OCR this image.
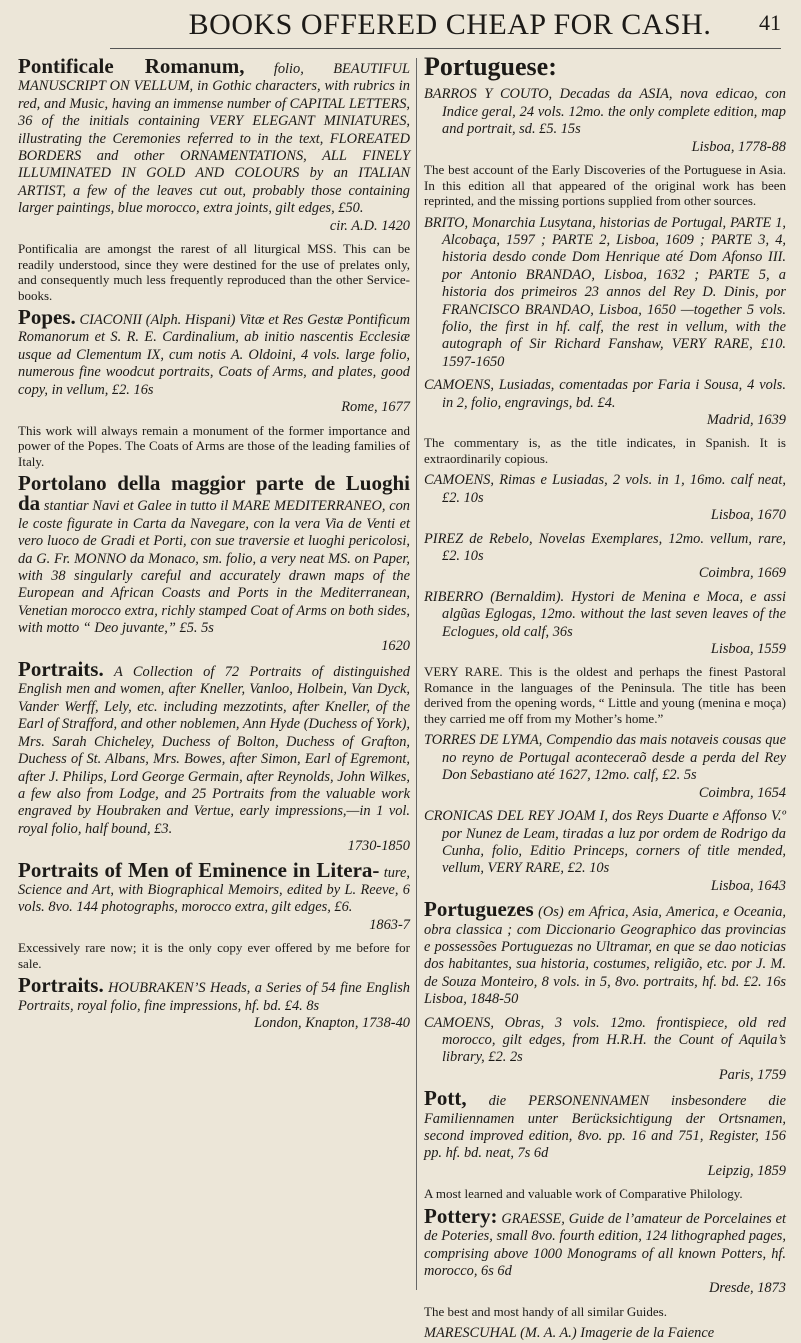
BOOKS OFFERED CHEAP FOR CASH.	41
Pontificale Romanum, folio, BEAUTIFUL MANUSCRIPT ON VELLUM, in Gothic characters, with rubrics in red, and Music, having an immense number of CAPITAL LETTERS, 36 of the initials containing VERY ELEGANT MINIATURES, illustrating the Ceremonies referred to in the text, FLOREATED BORDERS and other ORNAMENTATIONS, ALL FINELY ILLUMINATED IN GOLD AND COLOURS by an ITALIAN ARTIST, a few of the leaves cut out, probably those containing larger paintings, blue morocco, extra joints, gilt edges, £50.
cir. A.D. 1420
Pontificalia are amongst the rarest of all liturgical MSS. This can be readily understood, since they were destined for the use of prelates only, and consequently much less frequently reproduced than the other Service-books.
Popes. CIACONII (Alph. Hispani) Vitæ et Res Gestæ Pontificum Romanorum et S. R. E. Cardinalium, ab initio nascentis Ecclesiæ usque ad Clementum IX, cum notis A. Oldoini, 4 vols. large folio, numerous fine woodcut portraits, Coats of Arms, and plates, good copy, in vellum, £2. 16s
Rome, 1677
This work will always remain a monument of the former importance and power of the Popes. The Coats of Arms are those of the leading families of Italy.
Portolano della maggior parte de Luoghi da stantiar Navi et Galee in tutto il MARE MEDITERRANEO, con le coste figurate in Carta da Navegare, con la vera Via de Venti et vero luoco de Gradi et Porti, con sue traversie et luoghi pericolosi, da G. Fr. MONNO da Monaco, sm. folio, a very neat MS. on Paper, with 38 singularly careful and accurately drawn maps of the European and African Coasts and Ports in the Mediterranean, Venetian morocco extra, richly stamped Coat of Arms on both sides, with motto “ Deo juvante,” £5. 5s
1620
Portraits. A Collection of 72 Portraits of distinguished English men and women, after Kneller, Vanloo, Holbein, Van Dyck, Vander Werff, Lely, etc. including mezzotints, after Kneller, of the Earl of Strafford, and other noblemen, Ann Hyde (Duchess of York), Mrs. Sarah Chicheley, Duchess of Bolton, Duchess of Grafton, Duchess of St. Albans, Mrs. Bowes, after Simon, Earl of Egremont, after J. Philips, Lord George Germain, after Reynolds, John Wilkes, a few also from Lodge, and 25 Portraits from the valuable work engraved by Houbraken and Vertue, early impressions,—in 1 vol. royal folio, half bound, £3.
1730-1850
Portraits of Men of Eminence in Litera- ture, Science and Art, with Biographical Memoirs, edited by L. Reeve, 6 vols. 8vo. 144 photographs, morocco extra, gilt edges, £6.
1863-7
Excessively rare now; it is the only copy ever offered by me before for sale.
Portraits. HOUBRAKEN’S Heads, a Series of 54 fine English Portraits, royal folio, fine impressions, hf. bd. £4. 8s
London, Knapton, 1738-40
Portuguese:
BARROS Y COUTO, Decadas da ASIA, nova edicao, con Indice geral, 24 vols. 12mo. the only complete edition, map and portrait, sd. £5. 15s
Lisboa, 1778-88
The best account of the Early Discoveries of the Portuguese in Asia. In this edition all that appeared of the original work has been reprinted, and the missing portions supplied from other sources.
BRITO, Monarchia Lusytana, historias de Portugal, PARTE 1, Alcobaça, 1597 ; PARTE 2, Lisboa, 1609 ; PARTE 3, 4, historia desdo conde Dom Henrique até Dom Afonso III. por Antonio BRANDAO, Lisboa, 1632 ; PARTE 5, a historia dos primeiros 23 annos del Rey D. Dinis, por FRANCISCO BRANDAO, Lisboa, 1650 —together 5 vols. folio, the first in hf. calf, the rest in vellum, with the autograph of Sir Richard Fanshaw, VERY RARE, £10. 1597-1650
CAMOENS, Lusiadas, comentadas por Faria i Sousa, 4 vols. in 2, folio, engravings, bd. £4.
Madrid, 1639
The commentary is, as the title indicates, in Spanish. It is extraordinarily copious.
CAMOENS, Rimas e Lusiadas, 2 vols. in 1, 16mo. calf neat, £2. 10s
Lisboa, 1670
PIREZ de Rebelo, Novelas Exemplares, 12mo. vellum, rare, £2. 10s
Coimbra, 1669
RIBERRO (Bernaldim). Hystori de Menina e Moca, e assi algũas Eglogas, 12mo. without the last seven leaves of the Eclogues, old calf, 36s
Lisboa, 1559
VERY RARE. This is the oldest and perhaps the finest Pastoral Romance in the languages of the Peninsula. The title has been derived from the opening words, “ Little and young (menina e moça) they carried me off from my Mother’s home.”
TORRES DE LYMA, Compendio das mais notaveis cousas que no reyno de Portugal aconteceraõ desde a perda del Rey Don Sebastiano até 1627, 12mo. calf, £2. 5s
Coimbra, 1654
CRONICAS DEL REY JOAM I, dos Reys Duarte e Affonso V.º por Nunez de Leam, tiradas a luz por ordem de Rodrigo da Cunha, folio, Editio Princeps, corners of title mended, vellum, VERY RARE, £2. 10s
Lisboa, 1643
Portuguezes (Os) em Africa, Asia, America, e Oceania, obra classica ; com Diccionario Geographico das provincias e possessões Portuguezas no Ultramar, en que se dao noticias dos habitantes, sua historia, costumes, religião, etc. por J. M. de Souza Monteiro, 8 vols. in 5, 8vo. portraits, hf. bd. £2. 16s Lisboa, 1848-50
CAMOENS, Obras, 3 vols. 12mo. frontispiece, old red morocco, gilt edges, from H.R.H. the Count of Aquila’s library, £2. 2s
Paris, 1759
Pott, die PERSONENNAMEN insbesondere die Familiennamen unter Berücksichtigung der Ortsnamen, second improved edition, 8vo. pp. 16 and 751, Register, 156 pp. hf. bd. neat, 7s 6d
Leipzig, 1859
A most learned and valuable work of Comparative Philology.
Pottery: GRAESSE, Guide de l’amateur de Porcelaines et de Poteries, small 8vo. fourth edition, 124 lithographed pages, comprising above 1000 Monograms of all known Potters, hf. morocco, 6s 6d
Dresde, 1873
The best and most handy of all similar Guides.
MARESCUHAL (M. A. A.) Imagerie de la Faience
